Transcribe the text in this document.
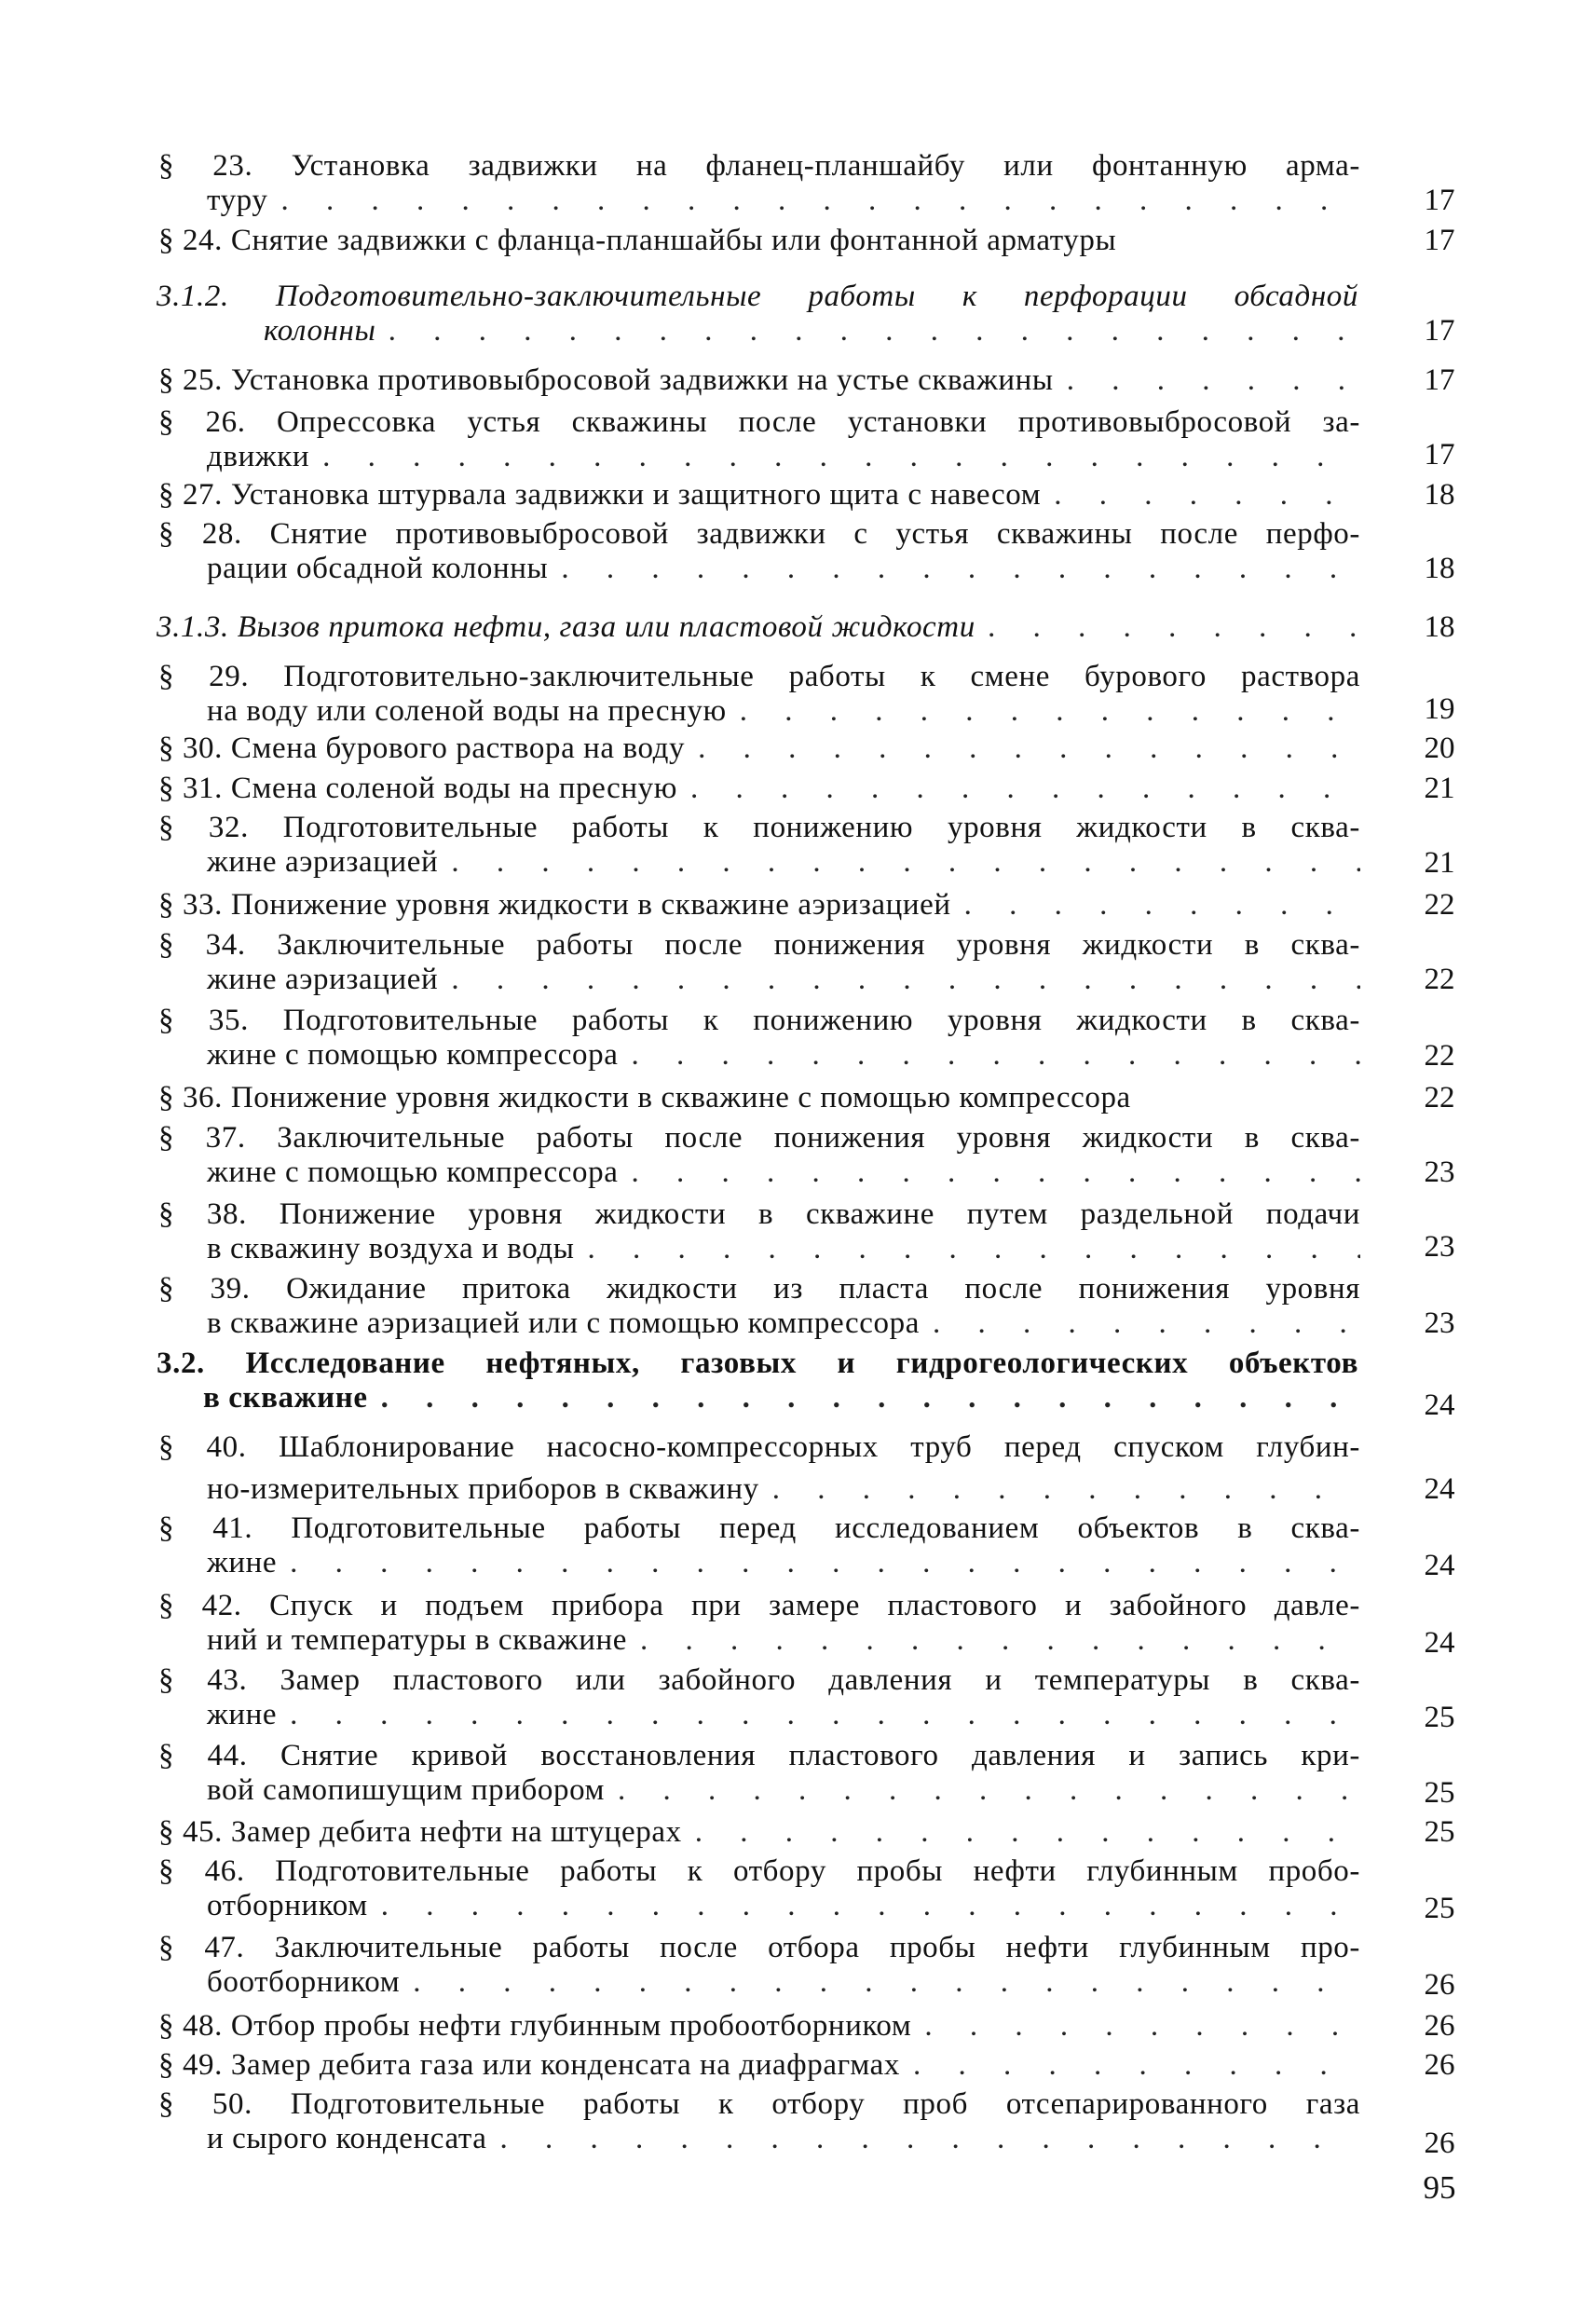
§ 23. Установка задвижки на фланец-планшайбу или фонтанную арма-
туру . . .	17
§ 24. Снятие задвижки с фланца-планшайбы или фонтанной арматуры	17
3.1.2. Подготовительно-заключительные работы к перфорации обсадной
колонны . . .	17
§ 25. Установка противовыбросовой задвижки на устье скважины . . .	17
§ 26. Опрессовка устья скважины после установки противовыбросовой за-
движки . . .	17
§ 27. Установка штурвала задвижки и защитного щита с навесом . . .	18
§ 28. Снятие противовыбросовой задвижки с устья скважины после перфо-
рации обсадной колонны . . .	18
3.1.3. Вызов притока нефти, газа или пластовой жидкости . . .	18
§ 29. Подготовительно-заключительные работы к смене бурового раствора
на воду или соленой воды на пресную . . .	19
§ 30. Смена бурового раствора на воду . . .	20
§ 31. Смена соленой воды на пресную . . .	21
§ 32. Подготовительные работы к понижению уровня жидкости в сква-
жине аэризацией . . .	21
§ 33. Понижение уровня жидкости в скважине аэризацией . . .	22
§ 34. Заключительные работы после понижения уровня жидкости в сква-
жине аэризацией . . .	22
§ 35. Подготовительные работы к понижению уровня жидкости в сква-
жине с помощью компрессора . . .	22
§ 36. Понижение уровня жидкости в скважине с помощью компрессора	22
§ 37. Заключительные работы после понижения уровня жидкости в сква-
жине с помощью компрессора . . .	23
§ 38. Понижение уровня жидкости в скважине путем раздельной подачи
в скважину воздуха и воды . . .	23
§ 39. Ожидание притока жидкости из пласта после понижения уровня
в скважине аэризацией или с помощью компрессора . . .	23
3.2. Исследование нефтяных, газовых и гидрогеологических объектов
в скважине . . .	24
§ 40. Шаблонирование насосно-компрессорных труб перед спуском глубин-
но-измерительных приборов в скважину . . .	24
§ 41. Подготовительные работы перед исследованием объектов в сква-
жине . . .	24
§ 42. Спуск и подъем прибора при замере пластового и забойного давле-
ний и температуры в скважине . . .	24
§ 43. Замер пластового или забойного давления и температуры в сква-
жине . . .	25
§ 44. Снятие кривой восстановления пластового давления и запись кри-
вой самопишущим прибором . . .	25
§ 45. Замер дебита нефти на штуцерах . . .	25
§ 46. Подготовительные работы к отбору пробы нефти глубинным пробо-
отборником . . .	25
§ 47. Заключительные работы после отбора пробы нефти глубинным про-
боотборником . . .	26
§ 48. Отбор пробы нефти глубинным пробоотборником . . .	26
§ 49. Замер дебита газа или конденсата на диафрагмах . . .	26
§ 50. Подготовительные работы к отбору проб отсепарированного газа
и сырого конденсата . . .	26
95
